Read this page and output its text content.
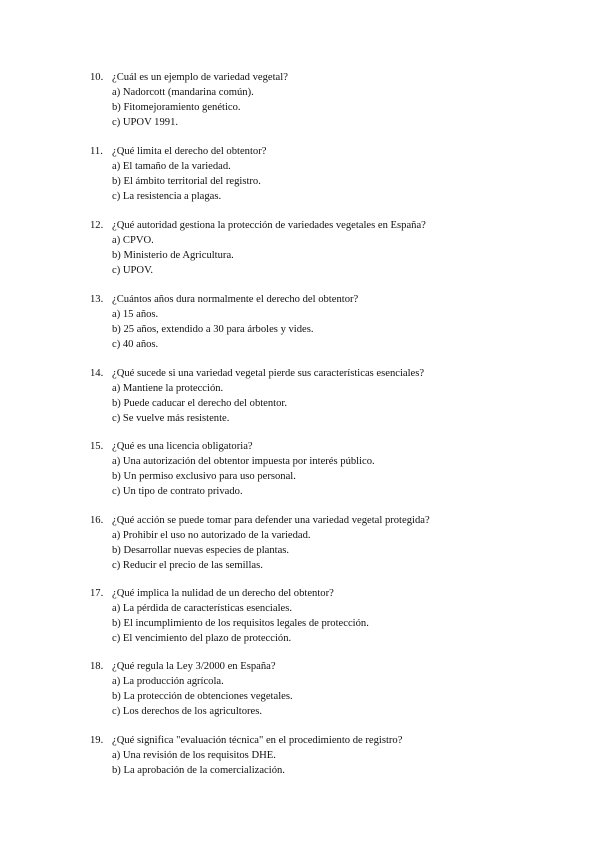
10. ¿Cuál es un ejemplo de variedad vegetal?
a) Nadorcott (mandarina común).
b) Fitomejoramiento genético.
c) UPOV 1991.
11. ¿Qué limita el derecho del obtentor?
a) El tamaño de la variedad.
b) El ámbito territorial del registro.
c) La resistencia a plagas.
12. ¿Qué autoridad gestiona la protección de variedades vegetales en España?
a) CPVO.
b) Ministerio de Agricultura.
c) UPOV.
13. ¿Cuántos años dura normalmente el derecho del obtentor?
a) 15 años.
b) 25 años, extendido a 30 para árboles y vides.
c) 40 años.
14. ¿Qué sucede si una variedad vegetal pierde sus características esenciales?
a) Mantiene la protección.
b) Puede caducar el derecho del obtentor.
c) Se vuelve más resistente.
15. ¿Qué es una licencia obligatoria?
a) Una autorización del obtentor impuesta por interés público.
b) Un permiso exclusivo para uso personal.
c) Un tipo de contrato privado.
16. ¿Qué acción se puede tomar para defender una variedad vegetal protegida?
a) Prohibir el uso no autorizado de la variedad.
b) Desarrollar nuevas especies de plantas.
c) Reducir el precio de las semillas.
17. ¿Qué implica la nulidad de un derecho del obtentor?
a) La pérdida de características esenciales.
b) El incumplimiento de los requisitos legales de protección.
c) El vencimiento del plazo de protección.
18. ¿Qué regula la Ley 3/2000 en España?
a) La producción agrícola.
b) La protección de obtenciones vegetales.
c) Los derechos de los agricultores.
19. ¿Qué significa "evaluación técnica" en el procedimiento de registro?
a) Una revisión de los requisitos DHE.
b) La aprobación de la comercialización.
